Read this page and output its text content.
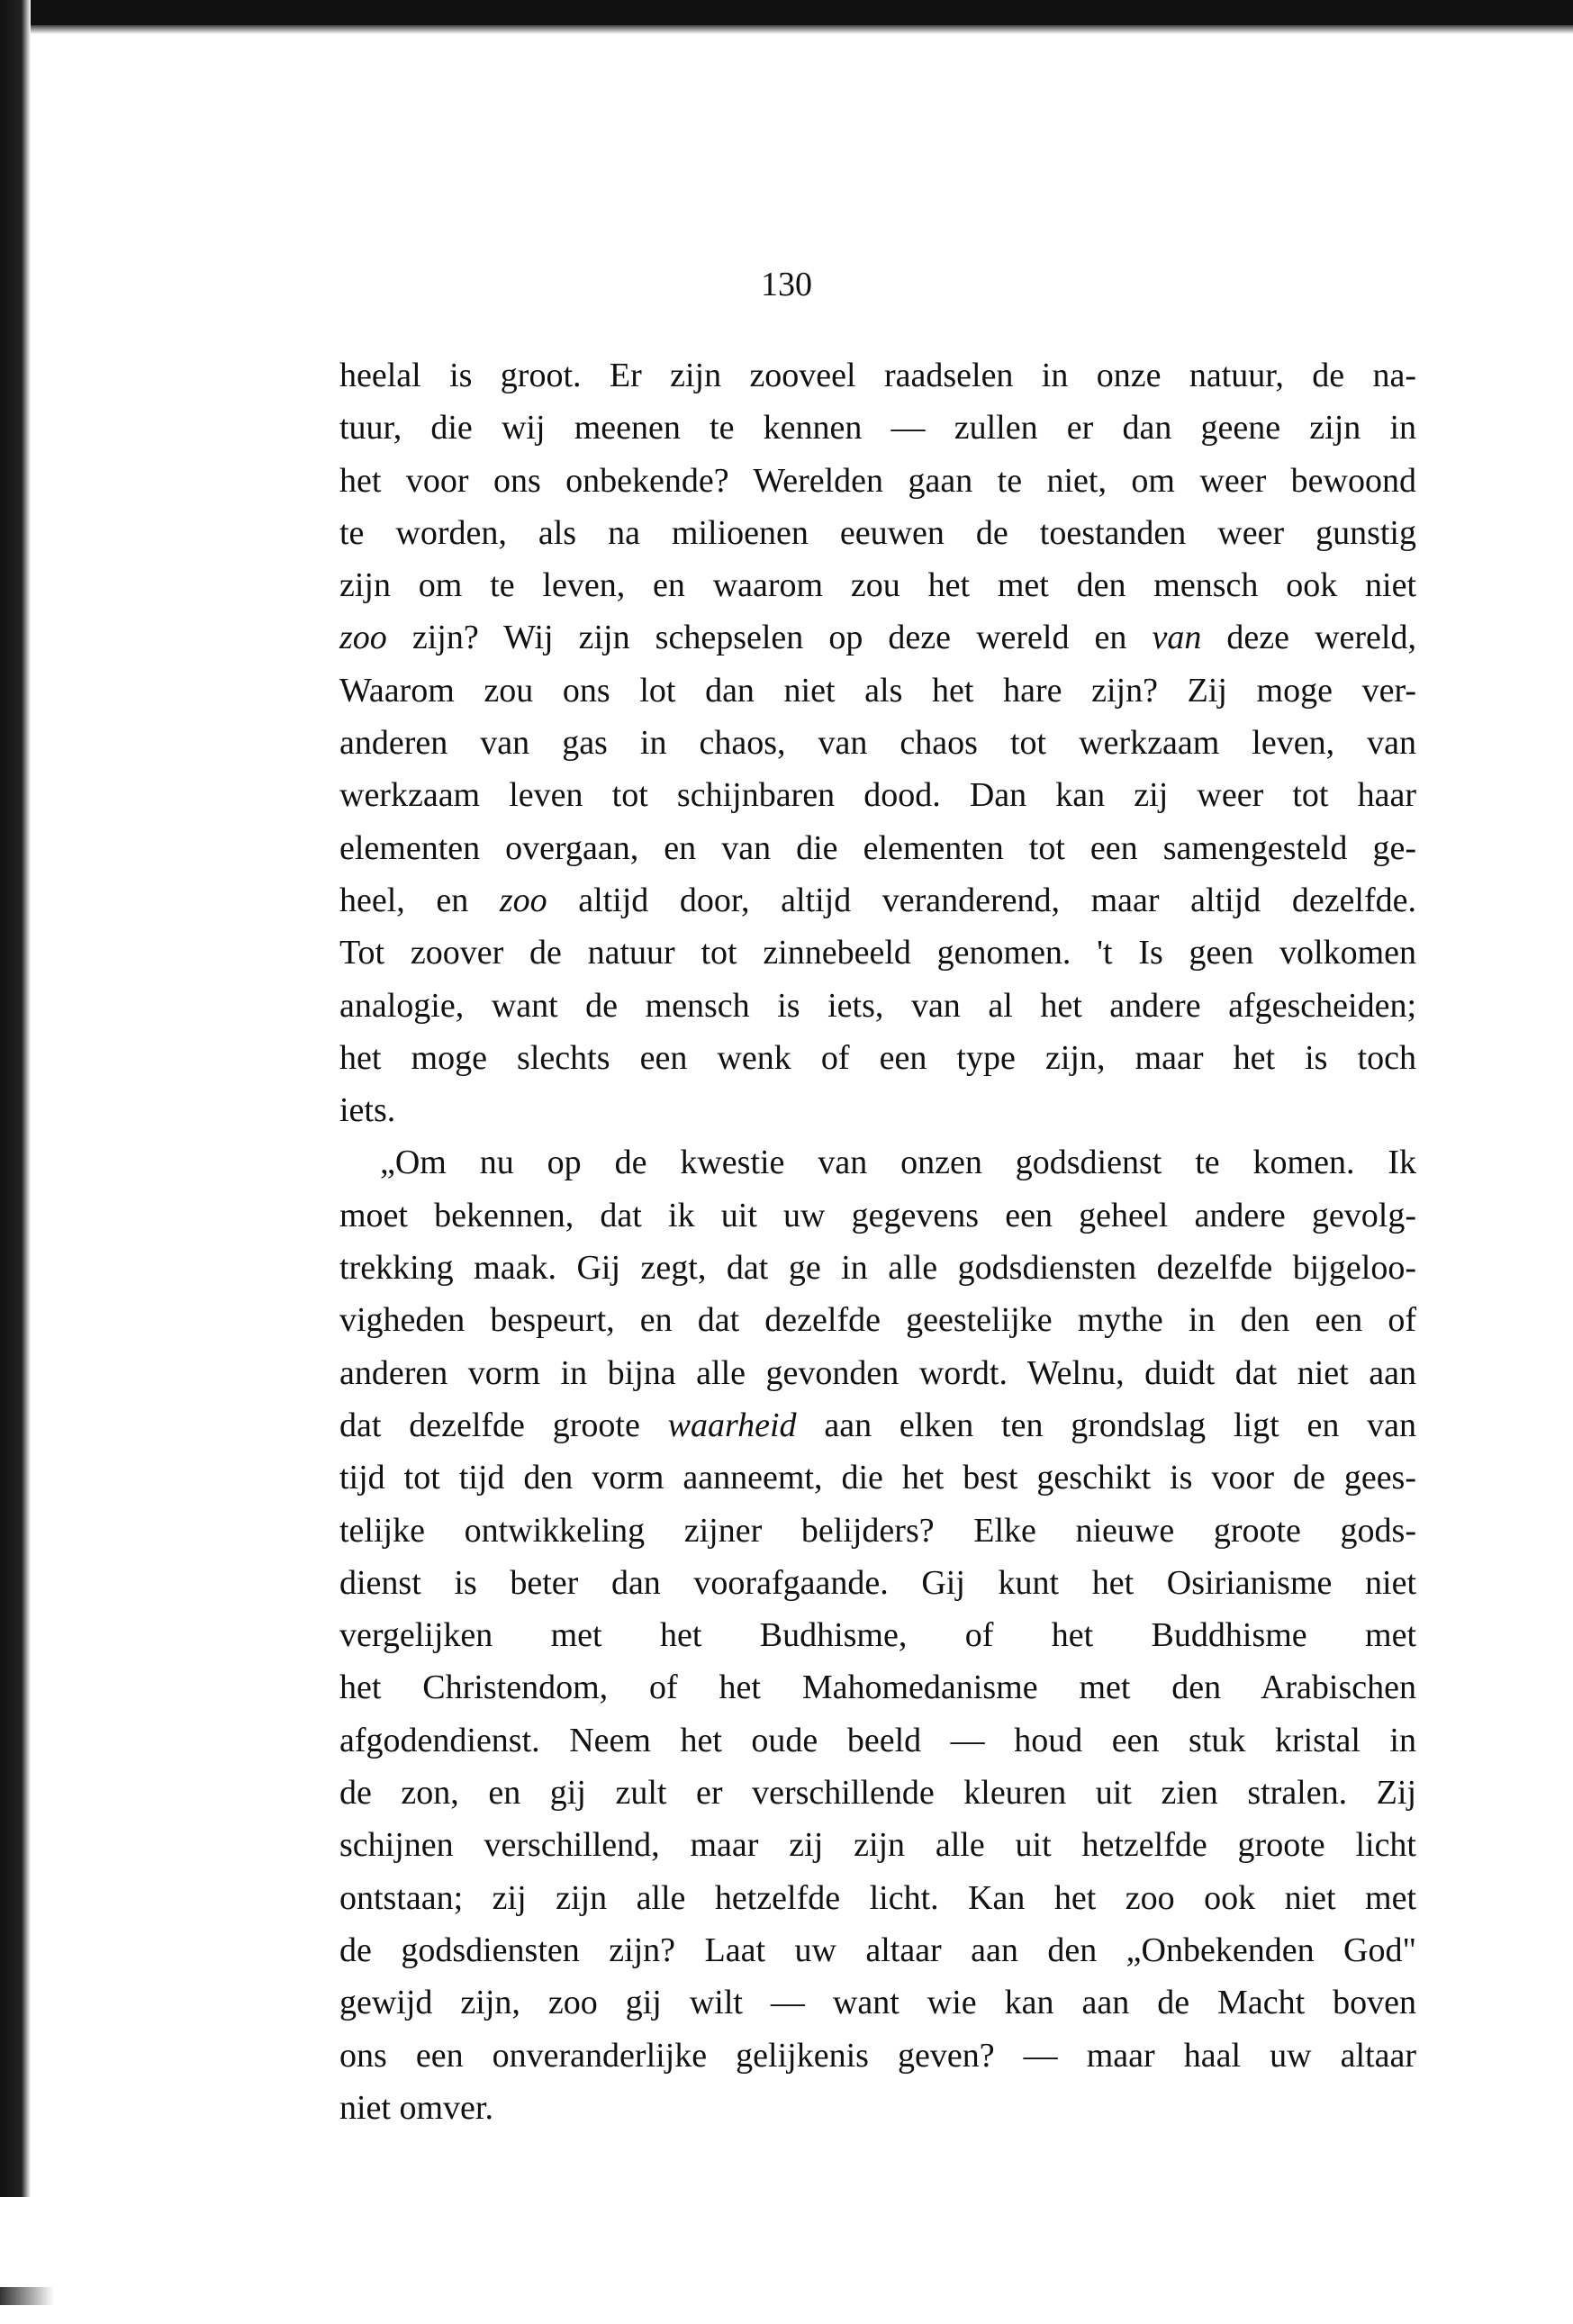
130
heelal is groot. Er zijn zooveel raadselen in onze natuur, de na-
tuur, die wij meenen te kennen — zullen er dan geene zijn in
het voor ons onbekende? Werelden gaan te niet, om weer bewoond
te worden, als na milioenen eeuwen de toestanden weer gunstig
zijn om te leven, en waarom zou het met den mensch ook niet
zoo zijn? Wij zijn schepselen op deze wereld en van deze wereld,
Waarom zou ons lot dan niet als het hare zijn? Zij moge ver-
anderen van gas in chaos, van chaos tot werkzaam leven, van
werkzaam leven tot schijnbaren dood. Dan kan zij weer tot haar
elementen overgaan, en van die elementen tot een samengesteld ge-
heel, en zoo altijd door, altijd veranderend, maar altijd dezelfde.
Tot zoover de natuur tot zinnebeeld genomen. 't Is geen volkomen
analogie, want de mensch is iets, van al het andere afgescheiden;
het moge slechts een wenk of een type zijn, maar het is toch
iets.
„Om nu op de kwestie van onzen godsdienst te komen. Ik
moet bekennen, dat ik uit uw gegevens een geheel andere gevolg-
trekking maak. Gij zegt, dat ge in alle godsdiensten dezelfde bijgeloo-
vigheden bespeurt, en dat dezelfde geestelijke mythe in den een of
anderen vorm in bijna alle gevonden wordt. Welnu, duidt dat niet aan
dat dezelfde groote waarheid aan elken ten grondslag ligt en van
tijd tot tijd den vorm aanneemt, die het best geschikt is voor de gees-
telijke ontwikkeling zijner belijders? Elke nieuwe groote gods-
dienst is beter dan voorafgaande. Gij kunt het Osirianisme niet
vergelijken met het Budhisme, of het Buddhisme met
het Christendom, of het Mahomedanisme met den Arabischen
afgodendienst. Neem het oude beeld — houd een stuk kristal in
de zon, en gij zult er verschillende kleuren uit zien stralen. Zij
schijnen verschillend, maar zij zijn alle uit hetzelfde groote licht
ontstaan; zij zijn alle hetzelfde licht. Kan het zoo ook niet met
de godsdiensten zijn? Laat uw altaar aan den „Onbekenden God"
gewijd zijn, zoo gij wilt — want wie kan aan de Macht boven
ons een onveranderlijke gelijkenis geven? — maar haal uw altaar
niet omver.
